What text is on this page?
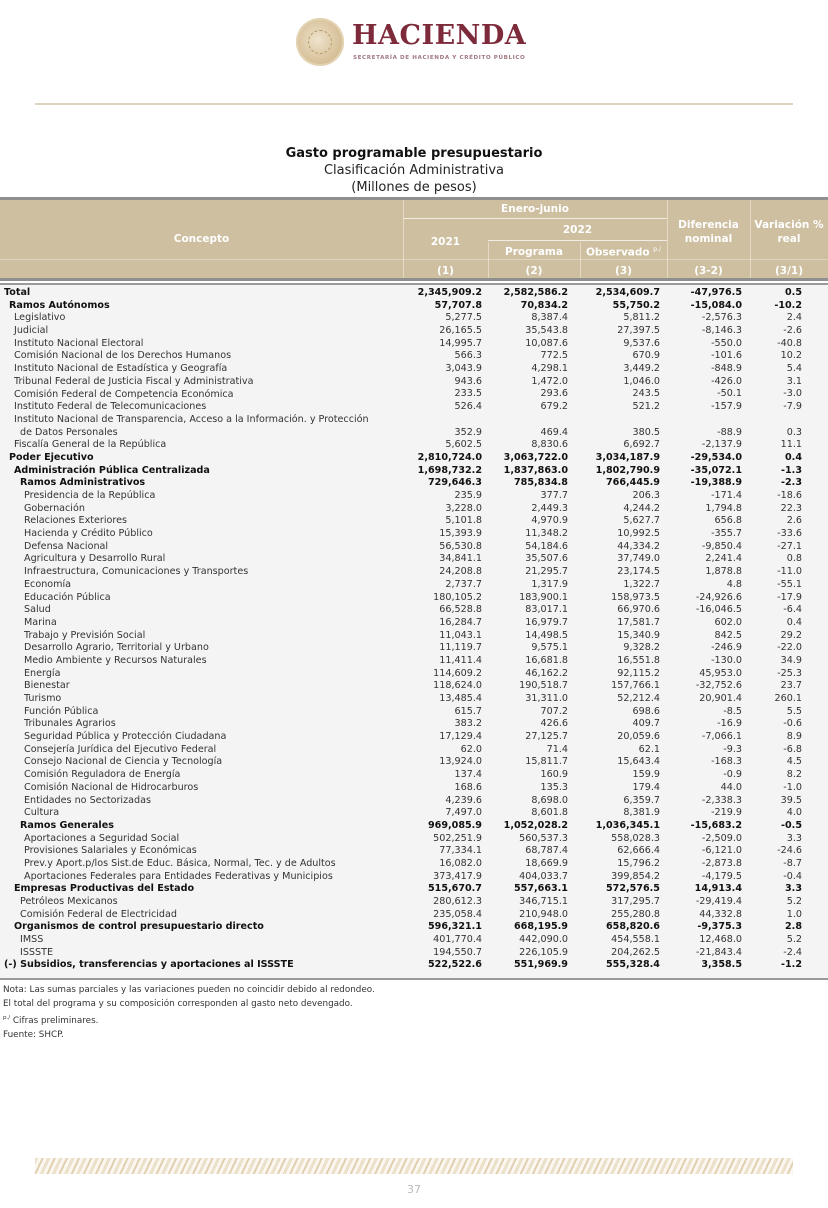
HACIENDA
SECRETARÍA DE HACIENDA Y CRÉDITO PÚBLICO
Gasto programable presupuestario
Clasificación Administrativa
(Millones de pesos)
Concepto
Enero-junio
2021
2022
Programa	Observado $^{p./}$
Diferencia nominal
Variación % real
(1)	(2)	(3)	(3-2)	(3/1)
Total	2,345,909.2 2,582,586.2	2,534,609.7	-47,976.5	0.5
Ramos Autónomos	57,707.8	70,834.2	55,750.2	-15,084.0	-10.2
Legislativo	5,277.5	8,387.4	5,811.2	-2,576.3	2.4
Judicial	26,165.5	35,543.8	27,397.5	-8,146.3	-2.6
Instituto Nacional Electoral	14,995.7	10,087.6	9,537.6	-550.0	-40.8
Comisión Nacional de los Derechos Humanos	566.3	772.5	670.9	-101.6	10.2
Instituto Nacional de Estadística y Geografía	3,043.9	4,298.1	3,449.2	-848.9	5.4
Tribunal Federal de Justicia Fiscal y Administrativa	943.6	1,472.0	1,046.0	-426.0	3.1
Comisión Federal de Competencia Económica	233.5	293.6	243.5	-50.1	-3.0
Instituto Federal de Telecomunicaciones	526.4	679.2	521.2	-157.9	-7.9
Instituto Nacional de Transparencia, Acceso a la Información. y Protección
de Datos Personales	352.9	469.4	380.5	-88.9	0.3
Fiscalía General de la República	5,602.5	8,830.6	6,692.7	-2,137.9	11.1
Poder Ejecutivo	2,810,724.0 3,063,722.0	3,034,187.9	-29,534.0	0.4
Administración Pública Centralizada	1,698,732.2 1,837,863.0	1,802,790.9	-35,072.1	-1.3
Ramos Administrativos	729,646.3	785,834.8	766,445.9	-19,388.9	-2.3
Presidencia de la República	235.9	377.7	206.3	-171.4	-18.6
Gobernación	3,228.0	2,449.3	4,244.2	1,794.8	22.3
Relaciones Exteriores	5,101.8	4,970.9	5,627.7	656.8	2.6
Hacienda y Crédito Público	15,393.9	11,348.2	10,992.5	-355.7	-33.6
Defensa Nacional	56,530.8	54,184.6	44,334.2	-9,850.4	-27.1
Agricultura y Desarrollo Rural	34,841.1	35,507.6	37,749.0	2,241.4	0.8
Infraestructura, Comunicaciones y Transportes	24,208.8	21,295.7	23,174.5	1,878.8	-11.0
Economía	2,737.7	1,317.9	1,322.7	4.8	-55.1
Educación Pública	180,105.2	183,900.1	158,973.5	-24,926.6	-17.9
Salud	66,528.8	83,017.1	66,970.6	-16,046.5	-6.4
Marina	16,284.7	16,979.7	17,581.7	602.0	0.4
Trabajo y Previsión Social	11,043.1	14,498.5	15,340.9	842.5	29.2
Desarrollo Agrario, Territorial y Urbano	11,119.7	9,575.1	9,328.2	-246.9	-22.0
Medio Ambiente y Recursos Naturales	11,411.4	16,681.8	16,551.8	-130.0	34.9
Energía	114,609.2	46,162.2	92,115.2	45,953.0	-25.3
Bienestar	118,624.0	190,518.7	157,766.1	-32,752.6	23.7
Turismo	13,485.4	31,311.0	52,212.4	20,901.4	260.1
Función Pública	615.7	707.2	698.6	-8.5	5.5
Tribunales Agrarios	383.2	426.6	409.7	-16.9	-0.6
Seguridad Pública y Protección Ciudadana	17,129.4	27,125.7	20,059.6	-7,066.1	8.9
Consejería Jurídica del Ejecutivo Federal	62.0	71.4	62.1	-9.3	-6.8
Consejo Nacional de Ciencia y Tecnología	13,924.0	15,811.7	15,643.4	-168.3	4.5
Comisión Reguladora de Energía	137.4	160.9	159.9	-0.9	8.2
Comisión Nacional de Hidrocarburos	168.6	135.3	179.4	44.0	-1.0
Entidades no Sectorizadas	4,239.6	8,698.0	6,359.7	-2,338.3	39.5
Cultura	7,497.0	8,601.8	8,381.9	-219.9	4.0
Ramos Generales	969,085.9 1,052,028.2	1,036,345.1	-15,683.2	-0.5
Aportaciones a Seguridad Social	502,251.9	560,537.3	558,028.3	-2,509.0	3.3
Provisiones Salariales y Económicas	77,334.1	68,787.4	62,666.4	-6,121.0	-24.6
Prev.y Aport.p/los Sist.de Educ. Básica, Normal, Tec. y de Adultos	16,082.0	18,669.9	15,796.2	-2,873.8	-8.7
Aportaciones Federales para Entidades Federativas y Municipios	373,417.9	404,033.7	399,854.2	-4,179.5	-0.4
Empresas Productivas del Estado	515,670.7	557,663.1	572,576.5	14,913.4	3.3
Petróleos Mexicanos	280,612.3	346,715.1	317,295.7	-29,419.4	5.2
Comisión Federal de Electricidad	235,058.4	210,948.0	255,280.8	44,332.8	1.0
Organismos de control presupuestario directo	596,321.1	668,195.9	658,820.6	-9,375.3	2.8
IMSS	401,770.4	442,090.0	454,558.1	12,468.0	5.2
ISSSTE	194,550.7	226,105.9	204,262.5	-21,843.4	-2.4
(-) Subsidios, transferencias y aportaciones al ISSSTE	522,522.6	551,969.9	555,328.4	3,358.5	-1.2
Nota: Las sumas parciales y las variaciones pueden no coincidir debido al redondeo.
El total del programa y su composición corresponden al gasto neto devengado.
$^{p./}$ Cifras preliminares.
Fuente: SHCP.
37
